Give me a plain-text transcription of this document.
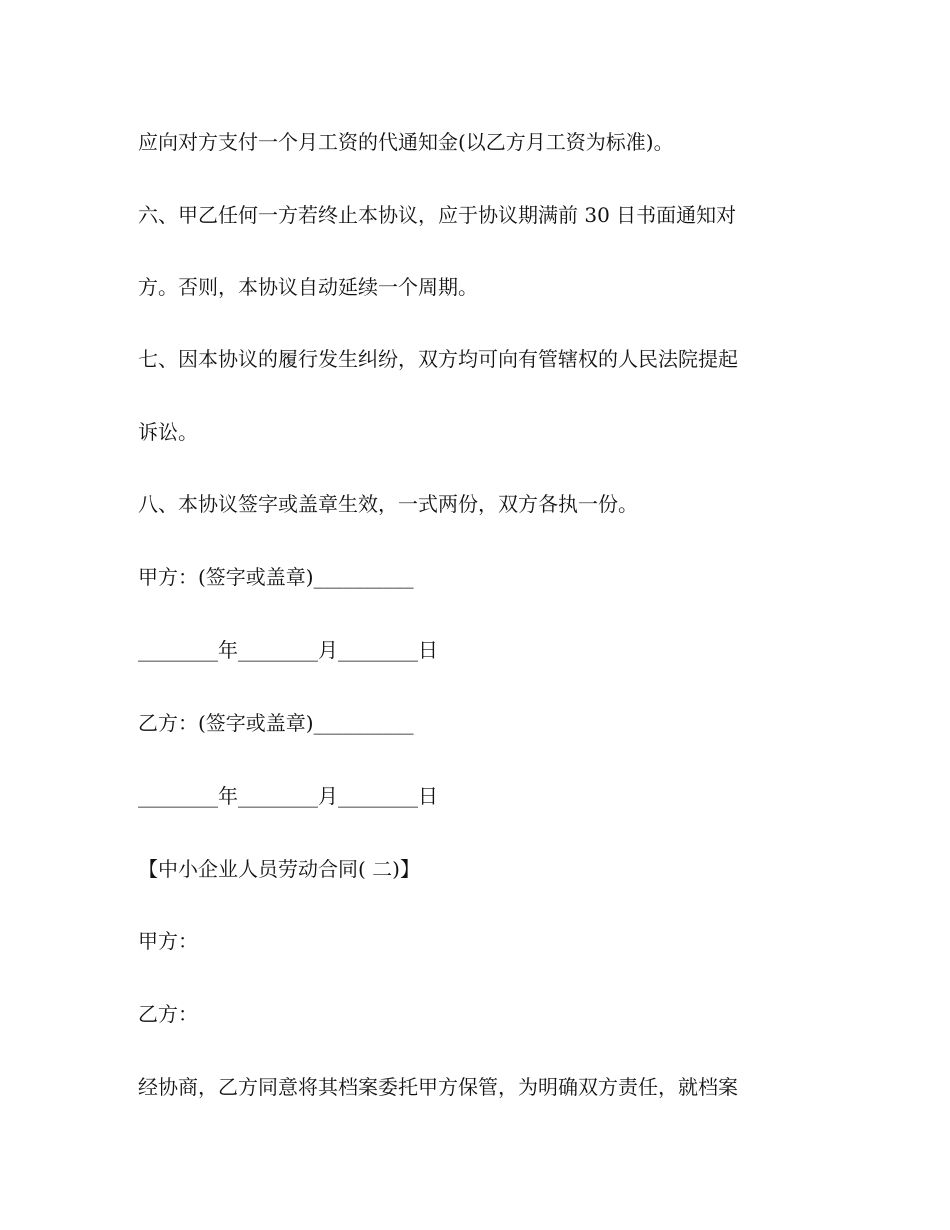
应向对方支付一个月工资的代通知金(以乙方月工资为标准)。
六、甲乙任何一方若终止本协议，应于协议期满前 30 日书面通知对
方。否则，本协议自动延续一个周期。
七、因本协议的履行发生纠纷，双方均可向有管辖权的人民法院提起
诉讼。
八、本协议签字或盖章生效，一式两份，双方各执一份。
甲方：(签字或盖章)__________
________年________月________日
乙方：(签字或盖章)__________
________年________月________日
【中小企业人员劳动合同( 二)】
甲方：
乙方：
经协商，乙方同意将其档案委托甲方保管，为明确双方责任，就档案
